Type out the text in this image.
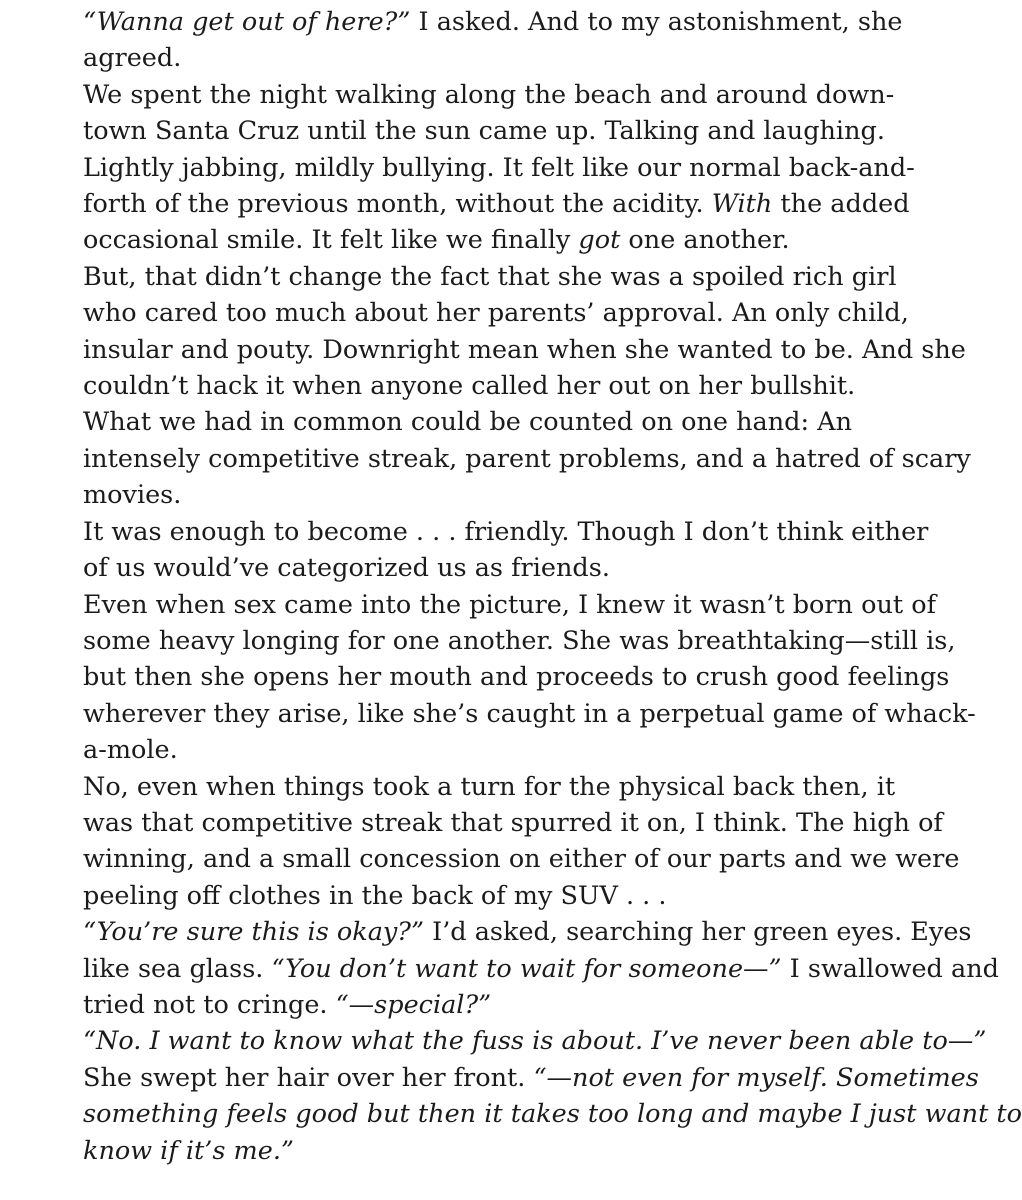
“Wanna get out of here?” I asked. And to my astonishment, she
agreed.

We spent the night walking along the beach and around down-
town Santa Cruz until the sun came up. Talking and laughing.
Lightly jabbing, mildly bullying. It felt like our normal back-and-
forth of the previous month, without the acidity. With the added
occasional smile. It felt like we finally got one another.

But, that didn’t change the fact that she was a spoiled rich girl
who cared too much about her parents’ approval. An only child,
insular and pouty. Downright mean when she wanted to be. And she
couldn’t hack it when anyone called her out on her bullshit.

What we had in common could be counted on one hand: An
intensely competitive streak, parent problems, and a hatred of scary
movies.

It was enough to become . . . friendly. Though I don’t think either
of us would’ve categorized us as friends.

Even when sex came into the picture, I knew it wasn’t born out of
some heavy longing for one another. She was breathtaking—still is,
but then she opens her mouth and proceeds to crush good feelings
wherever they arise, like she’s caught in a perpetual game of whack-
a-mole.

No, even when things took a turn for the physical back then, it
was that competitive streak that spurred it on, I think. The high of
winning, and a small concession on either of our parts and we were
peeling off clothes in the back of my SUV . . .

“You’re sure this is okay?” I’d asked, searching her green eyes. Eyes
like sea glass. “You don’t want to wait for someone—” I swallowed and
tried not to cringe. “—special?”

“No. I want to know what the fuss is about. I’ve never been able to—”
She swept her hair over her front. “—not even for myself. Sometimes
something feels good but then it takes too long and maybe I just want to
know if it’s me.”
